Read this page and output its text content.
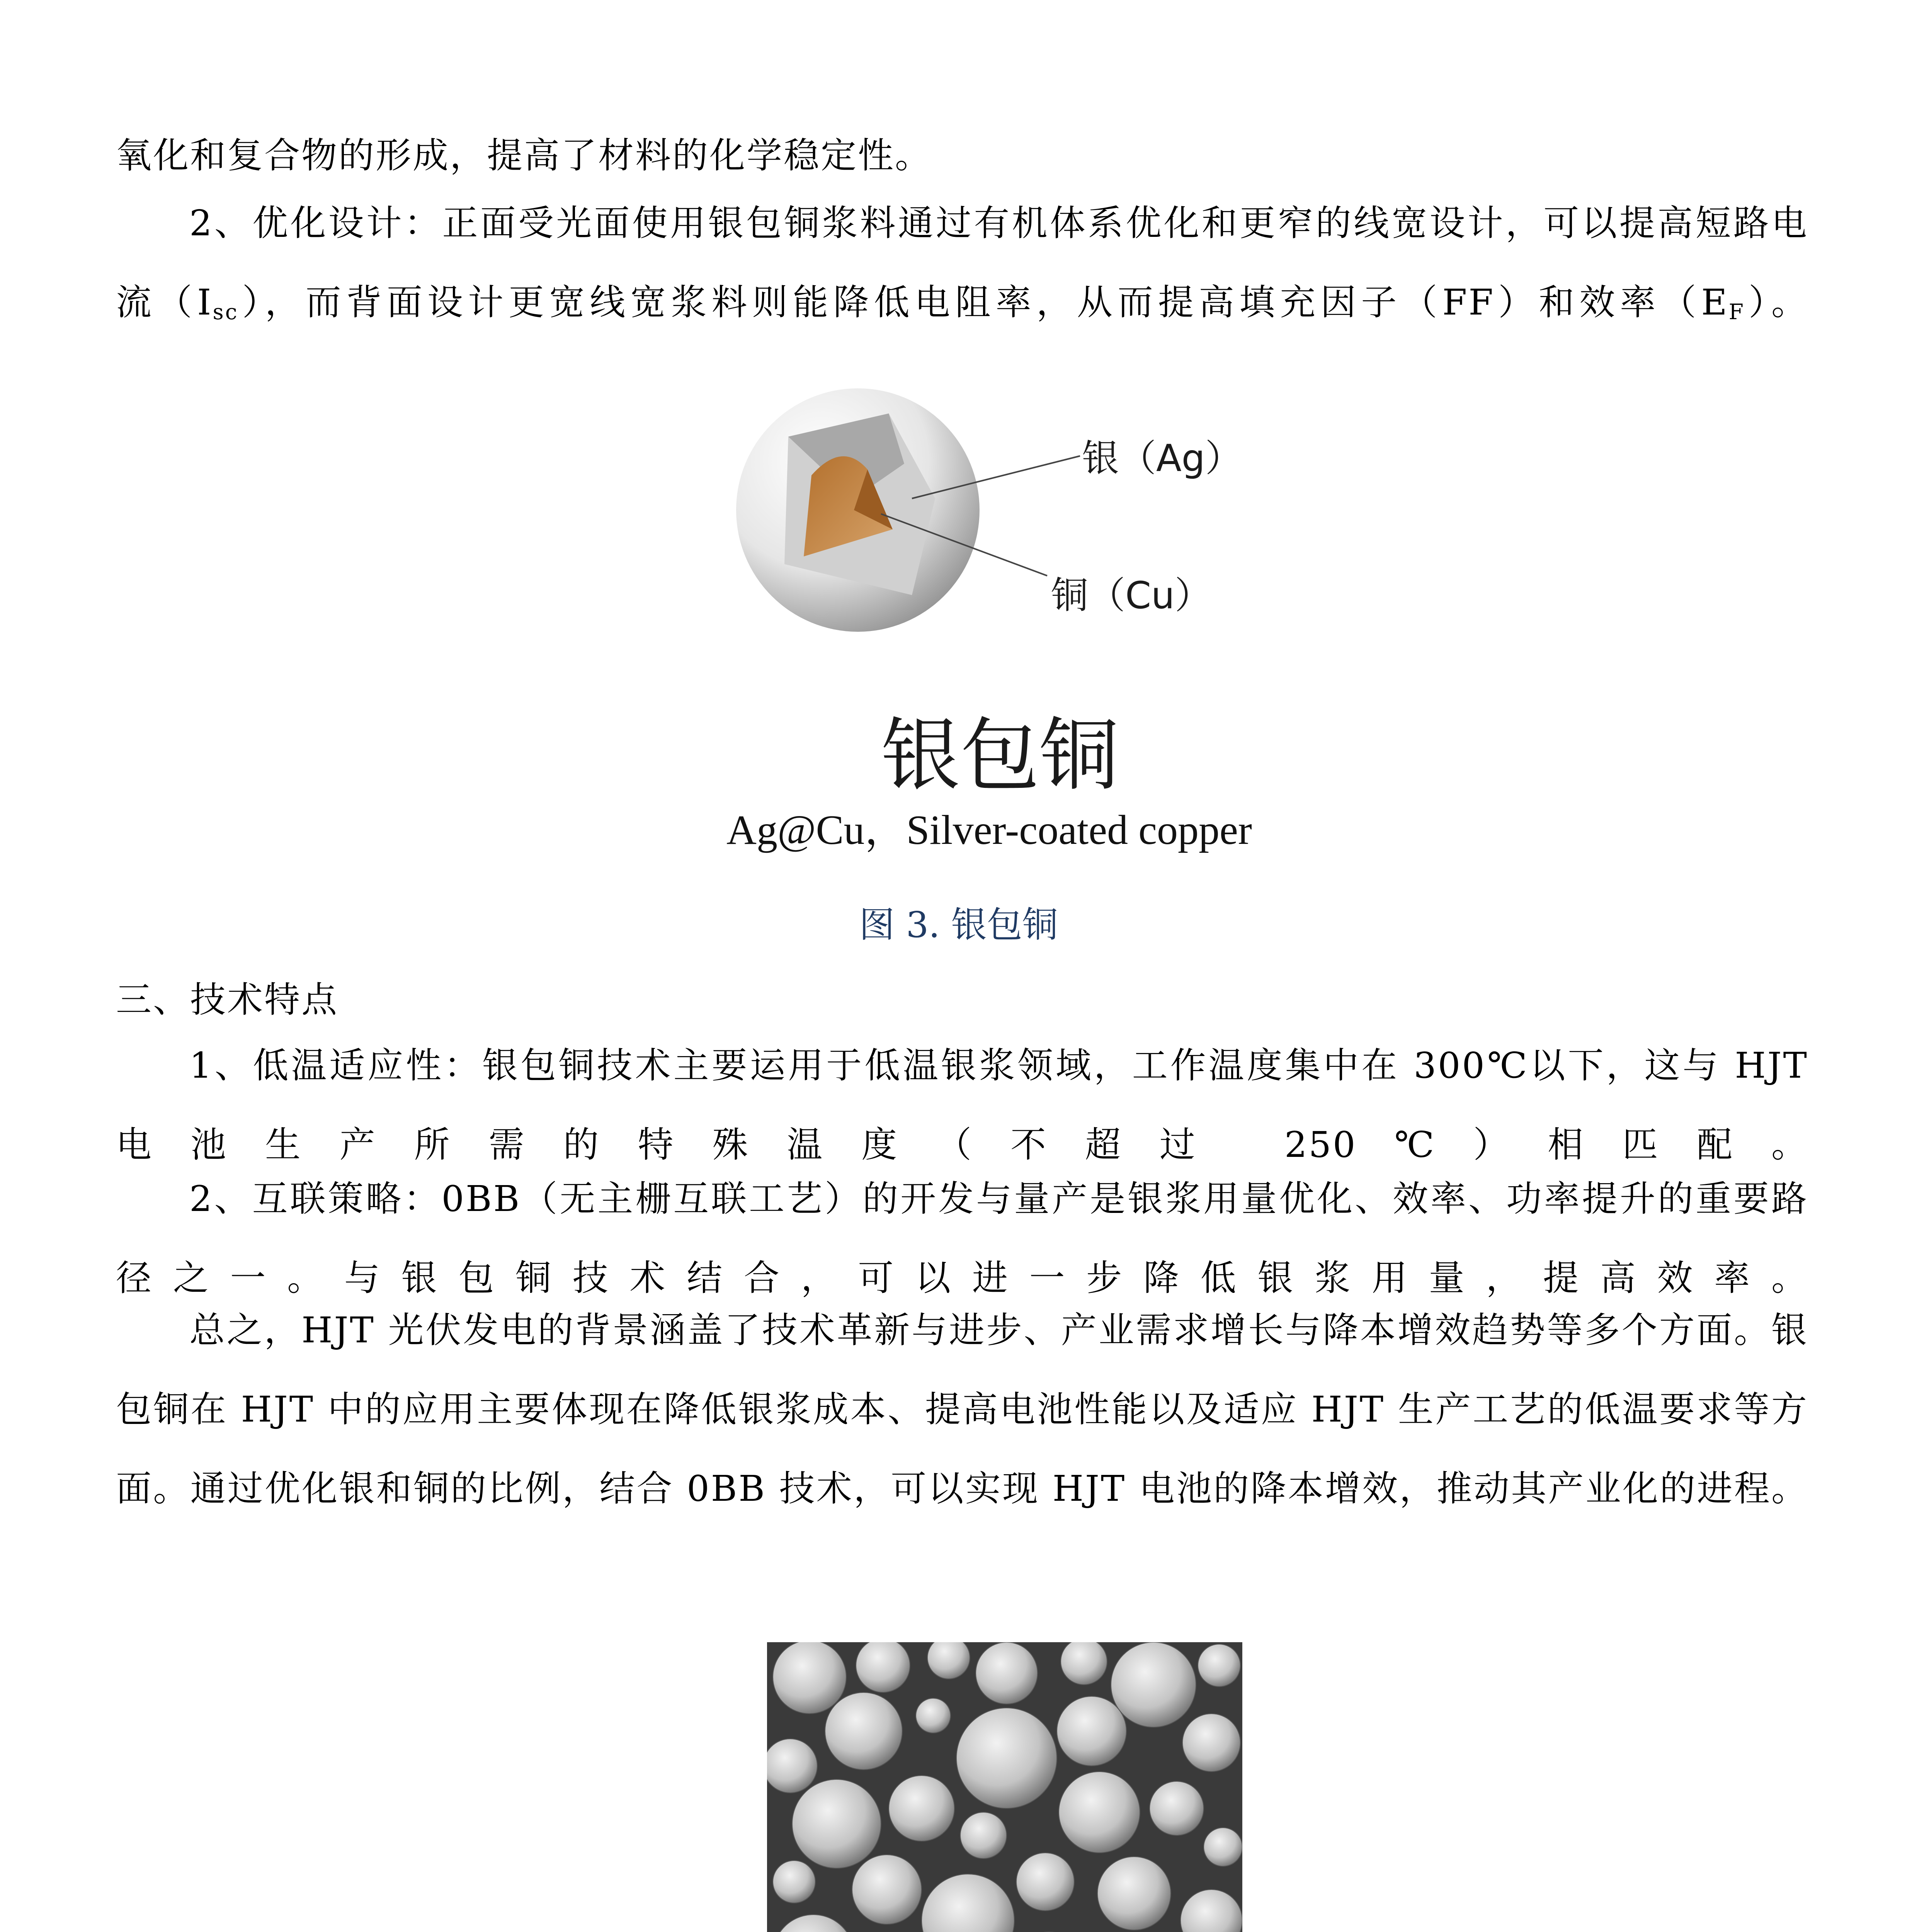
氧化和复合物的形成，提高了材料的化学稳定性。
2、优化设计：正面受光面使用银包铜浆料通过有机体系优化和更窄的线宽设计，可以提高短路电流$(I_{sc})$，而背面设计更宽线宽浆料则能降低电阻率，从而提高填充因子（FF）和效率$(E_F)$。
银（Ag）
铜（Cu）
银包铜
Ag@Cu，Silver-coated copper
图 3. 银包铜
三、技术特点
1、低温适应性：银包铜技术主要运用于低温银浆领域，工作温度集中在 300℃以下，这与 HJT 电池生产所需的特殊温度（不超过 250℃）相匹配。
2、互联策略：0BB（无主栅互联工艺）的开发与量产是银浆用量优化、效率、功率提升的重要路径之一。与银包铜技术结合，可以进一步降低银浆用量，提高效率。
总之，HJT 光伏发电的背景涵盖了技术革新与进步、产业需求增长与降本增效趋势等多个方面。银包铜在 HJT 中的应用主要体现在降低银浆成本、提高电池性能以及适应 HJT 生产工艺的低温要求等方面。通过优化银和铜的比例，结合 0BB 技术，可以实现 HJT 电池的降本增效，推动其产业化的进程。
